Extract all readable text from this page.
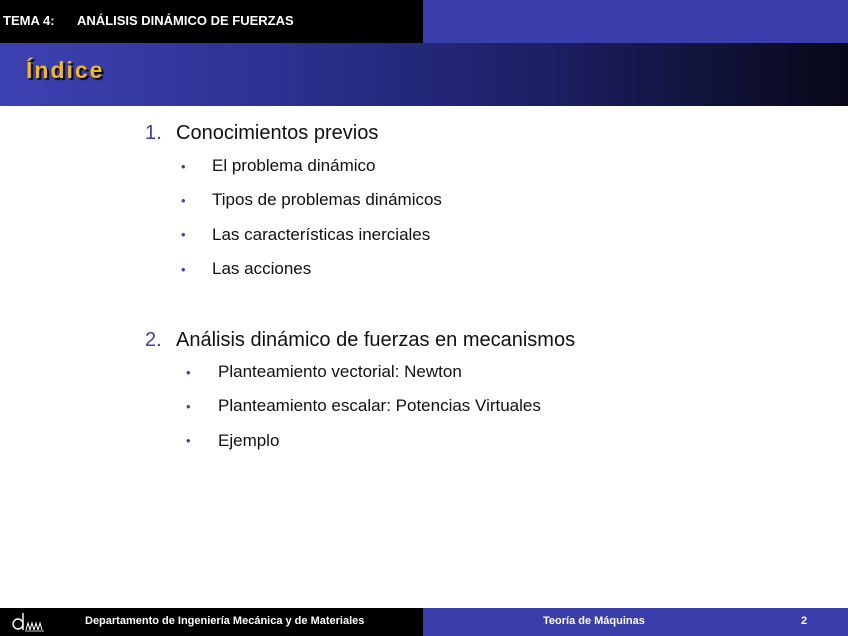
TEMA 4: ANÁLISIS DINÁMICO DE FUERZAS
Índice
1. Conocimientos previos
•	El problema dinámico
•	Tipos de problemas dinámicos
•	Las características inerciales
•	Las acciones
2. Análisis dinámico de fuerzas en mecanismos
•	Planteamiento vectorial: Newton
•	Planteamiento escalar: Potencias Virtuales
•	Ejemplo
Departamento de Ingeniería Mecánica y de Materiales	Teoría de Máquinas	2
